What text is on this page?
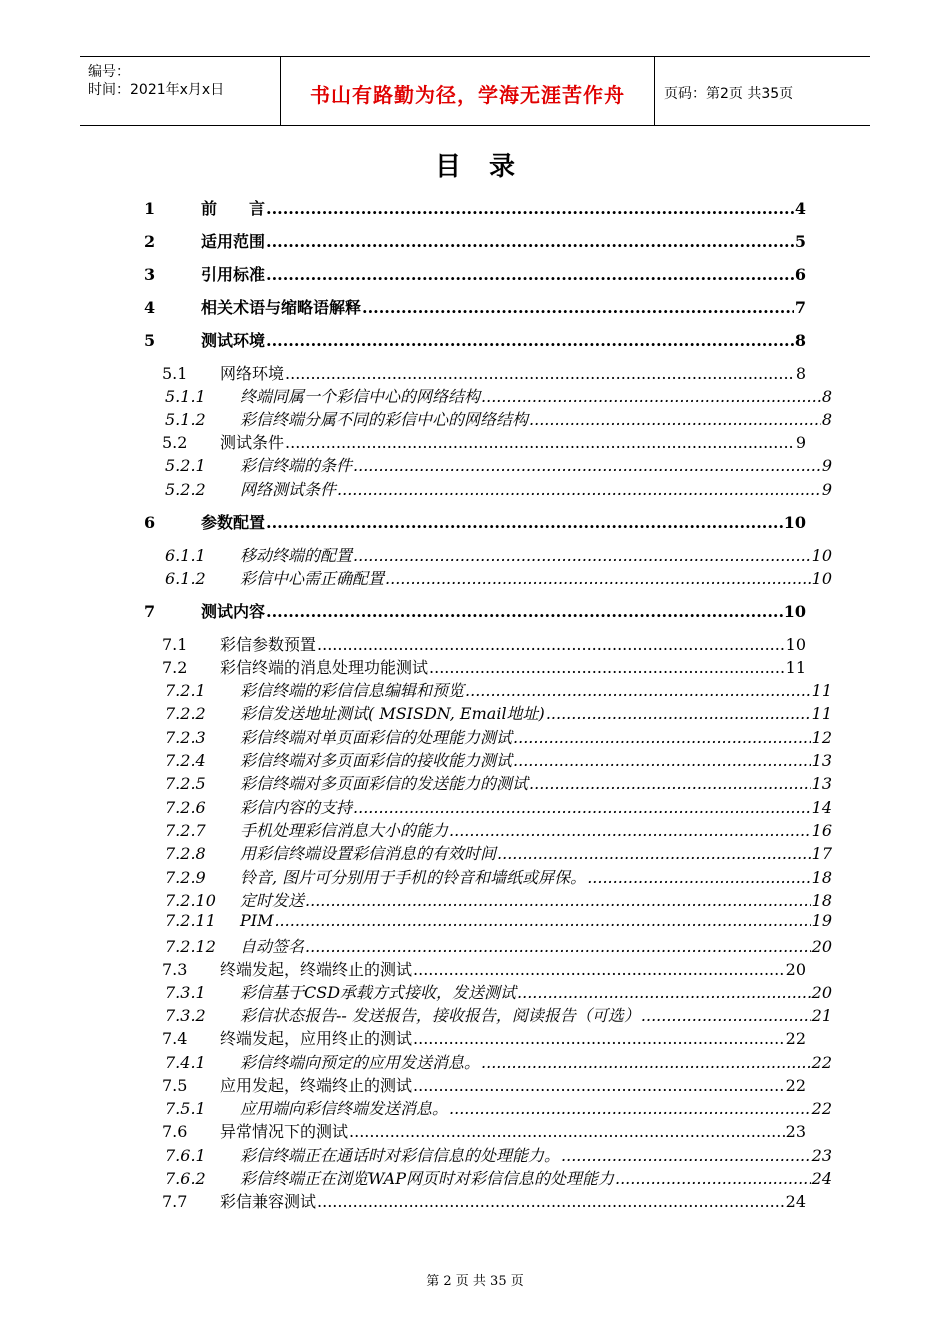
编号：
时间：2021年x月x日	书山有路勤为径，学海无涯苦作舟	页码：第2页 共35页
目录
1	前　　言 .....	4
2	适用范围 .....	5
3	引用标准 .....	6
4	相关术语与缩略语解释 .....	7
5	测试环境 .....	8
5.1	网络环境 .....	8
5.1.1	终端同属一个彩信中心的网络结构 .....	8
5.1.2	彩信终端分属不同的彩信中心的网络结构 .....	8
5.2	测试条件 .....	9
5.2.1	彩信终端的条件 .....	9
5.2.2	网络测试条件 .....	9
6	参数配置 .....	10
6.1.1	移动终端的配置 .....	10
6.1.2	彩信中心需正确配置 .....	10
7	测试内容 .....	10
7.1	彩信参数预置 .....	10
7.2	彩信终端的消息处理功能测试 .....	11
7.2.1	彩信终端的彩信信息编辑和预览 .....	11
7.2.2	彩信发送地址测试( MSISDN, Email地址) .....	11
7.2.3	彩信终端对单页面彩信的处理能力测试 .....	12
7.2.4	彩信终端对多页面彩信的接收能力测试 .....	13
7.2.5	彩信终端对多页面彩信的发送能力的测试 .....	13
7.2.6	彩信内容的支持 .....	14
7.2.7	手机处理彩信消息大小的能力 .....	16
7.2.8	用彩信终端设置彩信消息的有效时间 .....	17
7.2.9	铃音, 图片可分别用于手机的铃音和墙纸或屏保。 .....	18
7.2.10	定时发送 .....	18
7.2.11	PIM .....	19
7.2.12	自动签名 .....	20
7.3	终端发起，终端终止的测试 .....	20
7.3.1	彩信基于CSD承载方式接收，发送测试 .....	20
7.3.2	彩信状态报告-- 发送报告，接收报告，阅读报告（可选） .....	21
7.4	终端发起，应用终止的测试 .....	22
7.4.1	彩信终端向预定的应用发送消息。 .....	22
7.5	应用发起，终端终止的测试 .....	22
7.5.1	应用端向彩信终端发送消息。 .....	22
7.6	异常情况下的测试 .....	23
7.6.1	彩信终端正在通话时对彩信信息的处理能力。 .....	23
7.6.2	彩信终端正在浏览WAP网页时对彩信信息的处理能力 .....	24
7.7	彩信兼容测试 .....	24
第 2 页 共 35 页
